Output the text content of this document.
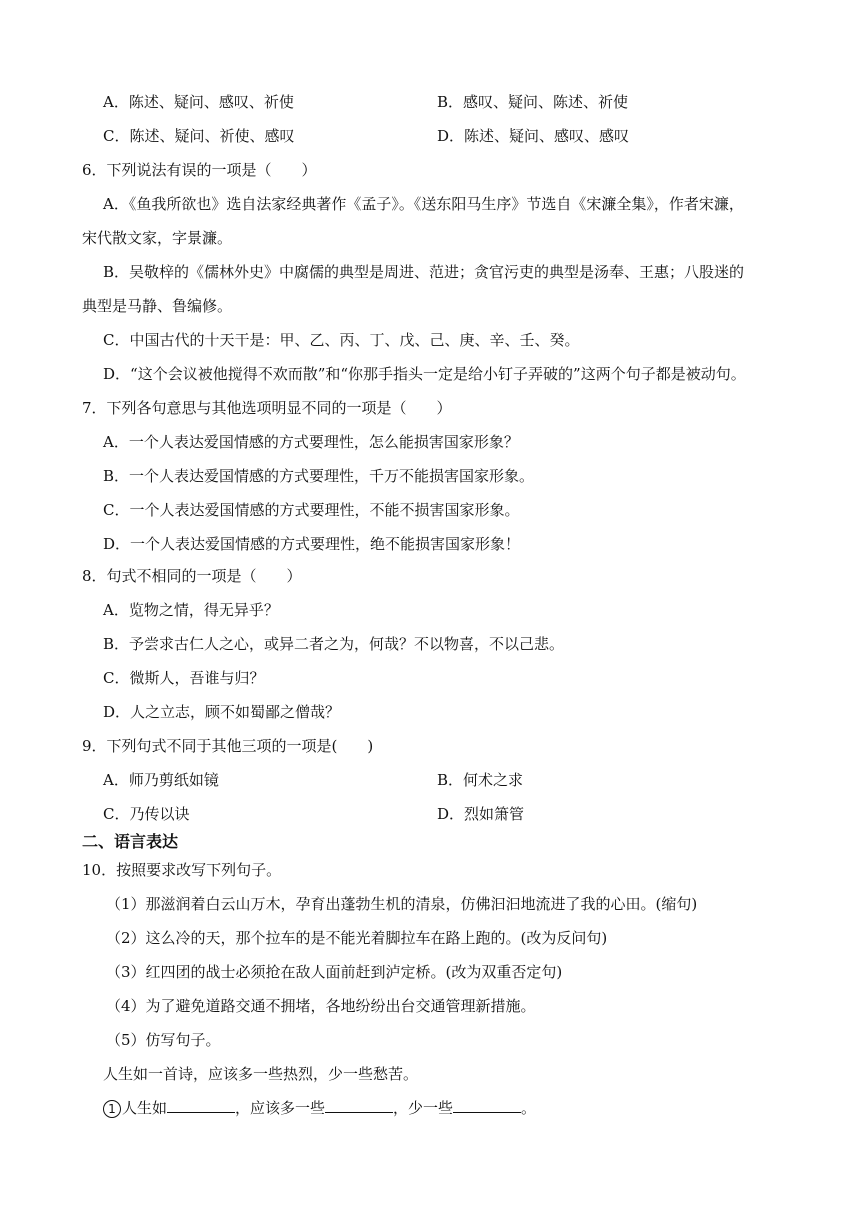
A．陈述、疑问、感叹、祈使	B．感叹、疑问、陈述、祈使
C．陈述、疑问、祈使、感叹	D．陈述、疑问、感叹、感叹
6．下列说法有误的一项是（　　）
A．《鱼我所欲也》选自法家经典著作《孟子》。《送东阳马生序》节选自《宋濂全集》，作者宋濂，
宋代散文家，字景濂。
B．吴敬梓的《儒林外史》中腐儒的典型是周进、范进；贪官污吏的典型是汤奉、王惠；八股迷的
典型是马静、鲁编修。
C．中国古代的十天干是：甲、乙、丙、丁、戊、己、庚、辛、壬、癸。
D．“这个会议被他搅得不欢而散”和“你那手指头一定是给小钉子弄破的”这两个句子都是被动句。
7．下列各句意思与其他选项明显不同的一项是（　　）
A．一个人表达爱国情感的方式要理性，怎么能损害国家形象？
B．一个人表达爱国情感的方式要理性，千万不能损害国家形象。
C．一个人表达爱国情感的方式要理性，不能不损害国家形象。
D．一个人表达爱国情感的方式要理性，绝不能损害国家形象！
8．句式不相同的一项是（　　）
A．览物之情，得无异乎？
B．予尝求古仁人之心，或异二者之为，何哉？不以物喜，不以己悲。
C．微斯人，吾谁与归？
D．人之立志，顾不如蜀鄙之僧哉？
9．下列句式不同于其他三项的一项是(　　)
A．师乃剪纸如镜	B．何术之求
C．乃传以诀	D．烈如箫管
二、语言表达
10．按照要求改写下列句子。
（1）那滋润着白云山万木，孕育出蓬勃生机的清泉，仿佛汩汩地流进了我的心田。(缩句)
（2）这么冷的天，那个拉车的是不能光着脚拉车在路上跑的。(改为反问句)
（3）红四团的战士必须抢在敌人面前赶到泸定桥。(改为双重否定句)
（4）为了避免道路交通不拥堵，各地纷纷出台交通管理新措施。
（5）仿写句子。
人生如一首诗，应该多一些热烈，少一些愁苦。
1 人生如	，应该多一些	，少一些	。
